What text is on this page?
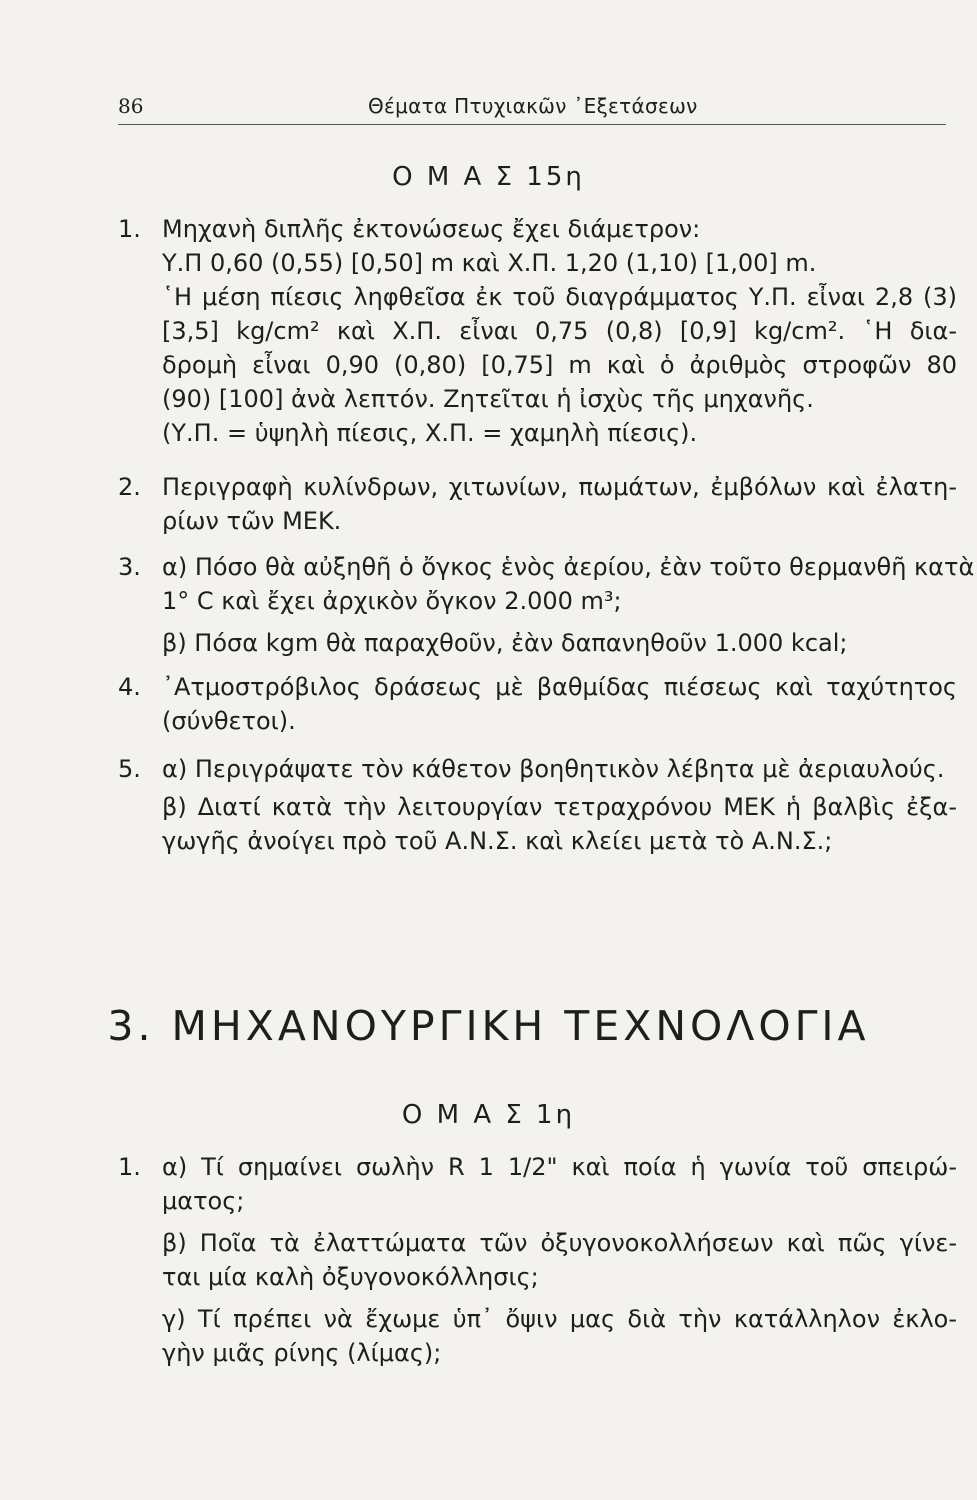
86	Θέματα Πτυχιακῶν ᾿Εξετάσεων
Ο Μ Α Σ 15η
1. Μηχανὴ διπλῆς ἐκτονώσεως ἔχει διάμετρον:
Υ.Π 0,60 (0,55) [0,50] m καὶ Χ.Π. 1,20 (1,10) [1,00] m.
῾Η μέση πίεσις ληφθεῖσα ἐκ τοῦ διαγράμματος Υ.Π. εἶναι 2,8 (3)
[3,5] kg/cm² καὶ Χ.Π. εἶναι 0,75 (0,8) [0,9] kg/cm². ῾Η δια-
δρομὴ εἶναι 0,90 (0,80) [0,75] m καὶ ὁ ἀριθμὸς στροφῶν 80
(90) [100] ἀνὰ λεπτόν. Ζητεῖται ἡ ἰσχὺς τῆς μηχανῆς.
(Υ.Π. = ὑψηλὴ πίεσις, Χ.Π. = χαμηλὴ πίεσις).
2. Περιγραφὴ κυλίνδρων, χιτωνίων, πωμάτων, ἐμβόλων καὶ ἐλατη-
ρίων τῶν ΜΕΚ.
3. α) Πόσο θὰ αὐξηθῆ ὁ ὄγκος ἑνὸς ἀερίου, ἐὰν τοῦτο θερμανθῆ κατὰ
1° C καὶ ἔχει ἀρχικὸν ὄγκον 2.000 m³;
β) Πόσα kgm θὰ παραχθοῦν, ἐὰν δαπανηθοῦν 1.000 kcal;
4. ᾿Ατμοστρόβιλος δράσεως μὲ βαθμίδας πιέσεως καὶ ταχύτητος
(σύνθετοι).
5. α) Περιγράψατε τὸν κάθετον βοηθητικὸν λέβητα μὲ ἀεριαυλούς.
β) Διατί κατὰ τὴν λειτουργίαν τετραχρόνου ΜΕΚ ἡ βαλβὶς ἐξα-
γωγῆς ἀνοίγει πρὸ τοῦ Α.Ν.Σ. καὶ κλείει μετὰ τὸ Α.Ν.Σ.;
3. ΜΗΧΑΝΟΥΡΓΙΚΗ ΤΕΧΝΟΛΟΓΙΑ
Ο Μ Α Σ 1η
1. α) Τί σημαίνει σωλὴν R 1 1/2" καὶ ποία ἡ γωνία τοῦ σπειρώ-
ματος;
β) Ποῖα τὰ ἐλαττώματα τῶν ὀξυγονοκολλήσεων καὶ πῶς γίνε-
ται μία καλὴ ὀξυγονοκόλλησις;
γ) Τί πρέπει νὰ ἔχωμε ὑπ᾿ ὄψιν μας διὰ τὴν κατάλληλον ἐκλο-
γὴν μιᾶς ρίνης (λίμας);
